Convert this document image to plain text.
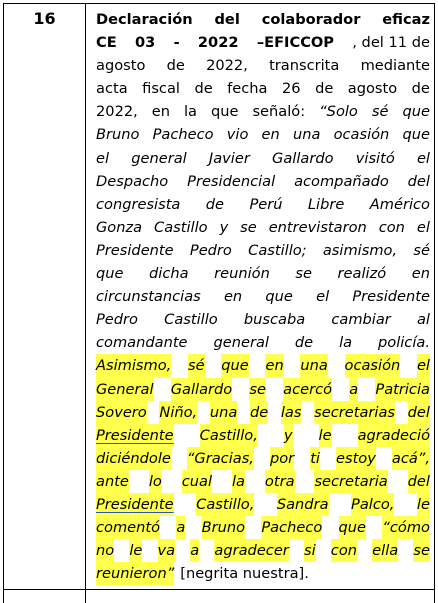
16	Declaración del colaborador eficaz
CE 03 - 2022 –EFICCOP , del 11 de
agosto de 2022, transcrita mediante
acta fiscal de fecha 26 de agosto de
2022, en la que señaló: “Solo sé que
Bruno Pacheco vio en una ocasión que
el general Javier Gallardo visitó el
Despacho Presidencial acompañado del
congresista de Perú Libre Américo
Gonza Castillo y se entrevistaron con el
Presidente Pedro Castillo; asimismo, sé
que dicha reunión se realizó en
circunstancias en que el Presidente
Pedro Castillo buscaba cambiar al
comandante general de la policía.
Asimismo, sé que en una ocasión el
General Gallardo se acercó a Patricia
Sovero Niño, una de las secretarias del
Presidente Castillo, y le agradeció
diciéndole “Gracias, por ti estoy acá”,
ante lo cual la otra secretaria del
Presidente Castillo, Sandra Palco, le
comentó a Bruno Pacheco que “cómo
no le va a agradecer si con ella se
reunieron” [negrita nuestra].
